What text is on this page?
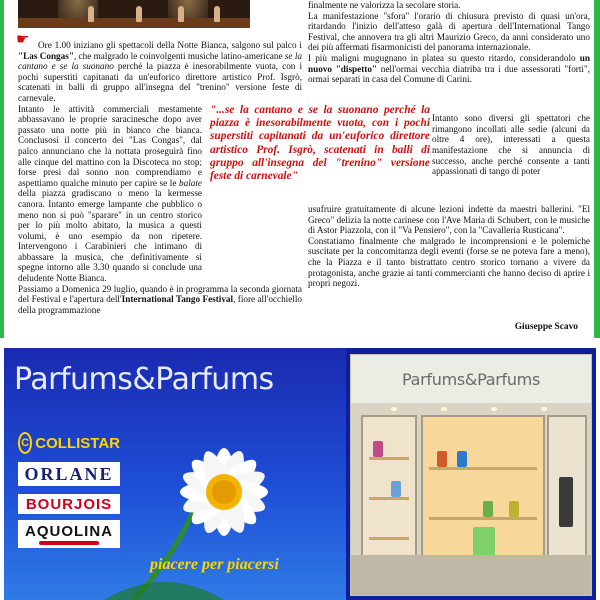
☛ Ore 1.00 iniziano gli spettacoli della Notte Bianca, salgono sul palco i "Las Congas", che malgrado le coinvolgenti musiche latino-americane se la cantano e se la suonano perché la piazza è inesorabilmente vuota, con i pochi superstiti capitanati da un'euforico direttore artistico Prof. Isgrò, scatenati in balli di gruppo all'insegna del "trenino" versione feste di carnevale.

Intanto le attività commerciali mestamente abbassavano le proprie saracinesche dopo aver passato una notte più in bianco che bianca. Conclusosi il concerto dei "Las Congas", dal palco annunciano che la nottata proseguirà fino alle cinque del mattino con la Discoteca no stop; forse presi dal sonno non comprendiamo e aspettiamo qualche minuto per capire se le balate della piazza gradiscano o meno la kermesse canora. Intanto emerge lampante che pubblico o meno non si può "sparare" in un centro storico per lo più molto abitato, la musica a questi volumi, è uno esempio da non ripetere. Intervengono i Carabinieri che intimano di abbassare la musica, che definitivamente si spegne intorno alle 3.30 quando si conclude una deludente Notte Bianca.

Passiamo a Domenica 29 luglio, quando è in programma la seconda giornata del Festival e l'apertura dell'International Tango Festival, fiore all'occhiello della programmazione

finalmente ne valorizza la secolare storia.

La manifestazione "sfora" l'orario di chiusura previsto di quasi un'ora, ritardando l'inizio dell'atteso galà di apertura dell'International Tango Festival, che annovera tra gli altri Maurizio Greco, da anni considerato uno dei più affermati fisarmonicisti del panorama internazionale.

I più maligni mugugnano in platea su questo ritardo, considerandolo un nuovo "dispetto" nell'ormai vecchia diatriba tra i due assessorati "forti", ormai separati in casa del Comune di Carini.

"...se la cantano e se la suonano perché la piazza è inesorabilmente vuota, con i pochi superstiti capitanati da un'euforico direttore artistico Prof. Isgrò, scatenati in balli di gruppo all'insegna del "trenino" versione feste di carnevale"

Intanto sono diversi gli spettatori che rimangono incollati alle sedie (alcuni da oltre 4 ore), interessati a questa manifestazione che si annuncia di successo, anche perché consente a tanti appassionati di tango di poter

usufruire gratuitamente di alcune lezioni indette da maestri ballerini. "El Greco" delizia la notte carinese con l'Ave Maria di Schubert, con le musiche di Astor Piazzola, con il "Va Pensiero", con la "Cavalleria Rusticana".

Constatiamo finalmente che malgrado le incomprensioni e le polemiche suscitate per la concomitanza degli eventi (forse se ne poteva fare a meno), che la Piazza e il tanto bistrattato centro storico tornano a vivere da protagonista, anche grazie ai tanti commercianti che hanno deciso di aprire i propri negozi.

Giuseppe Scavo
Parfums&Parfums
C COLLISTAR
ORLANE
BOURJOIS
AQUOLINA
piacere per piacersi
Parfums&Parfums
